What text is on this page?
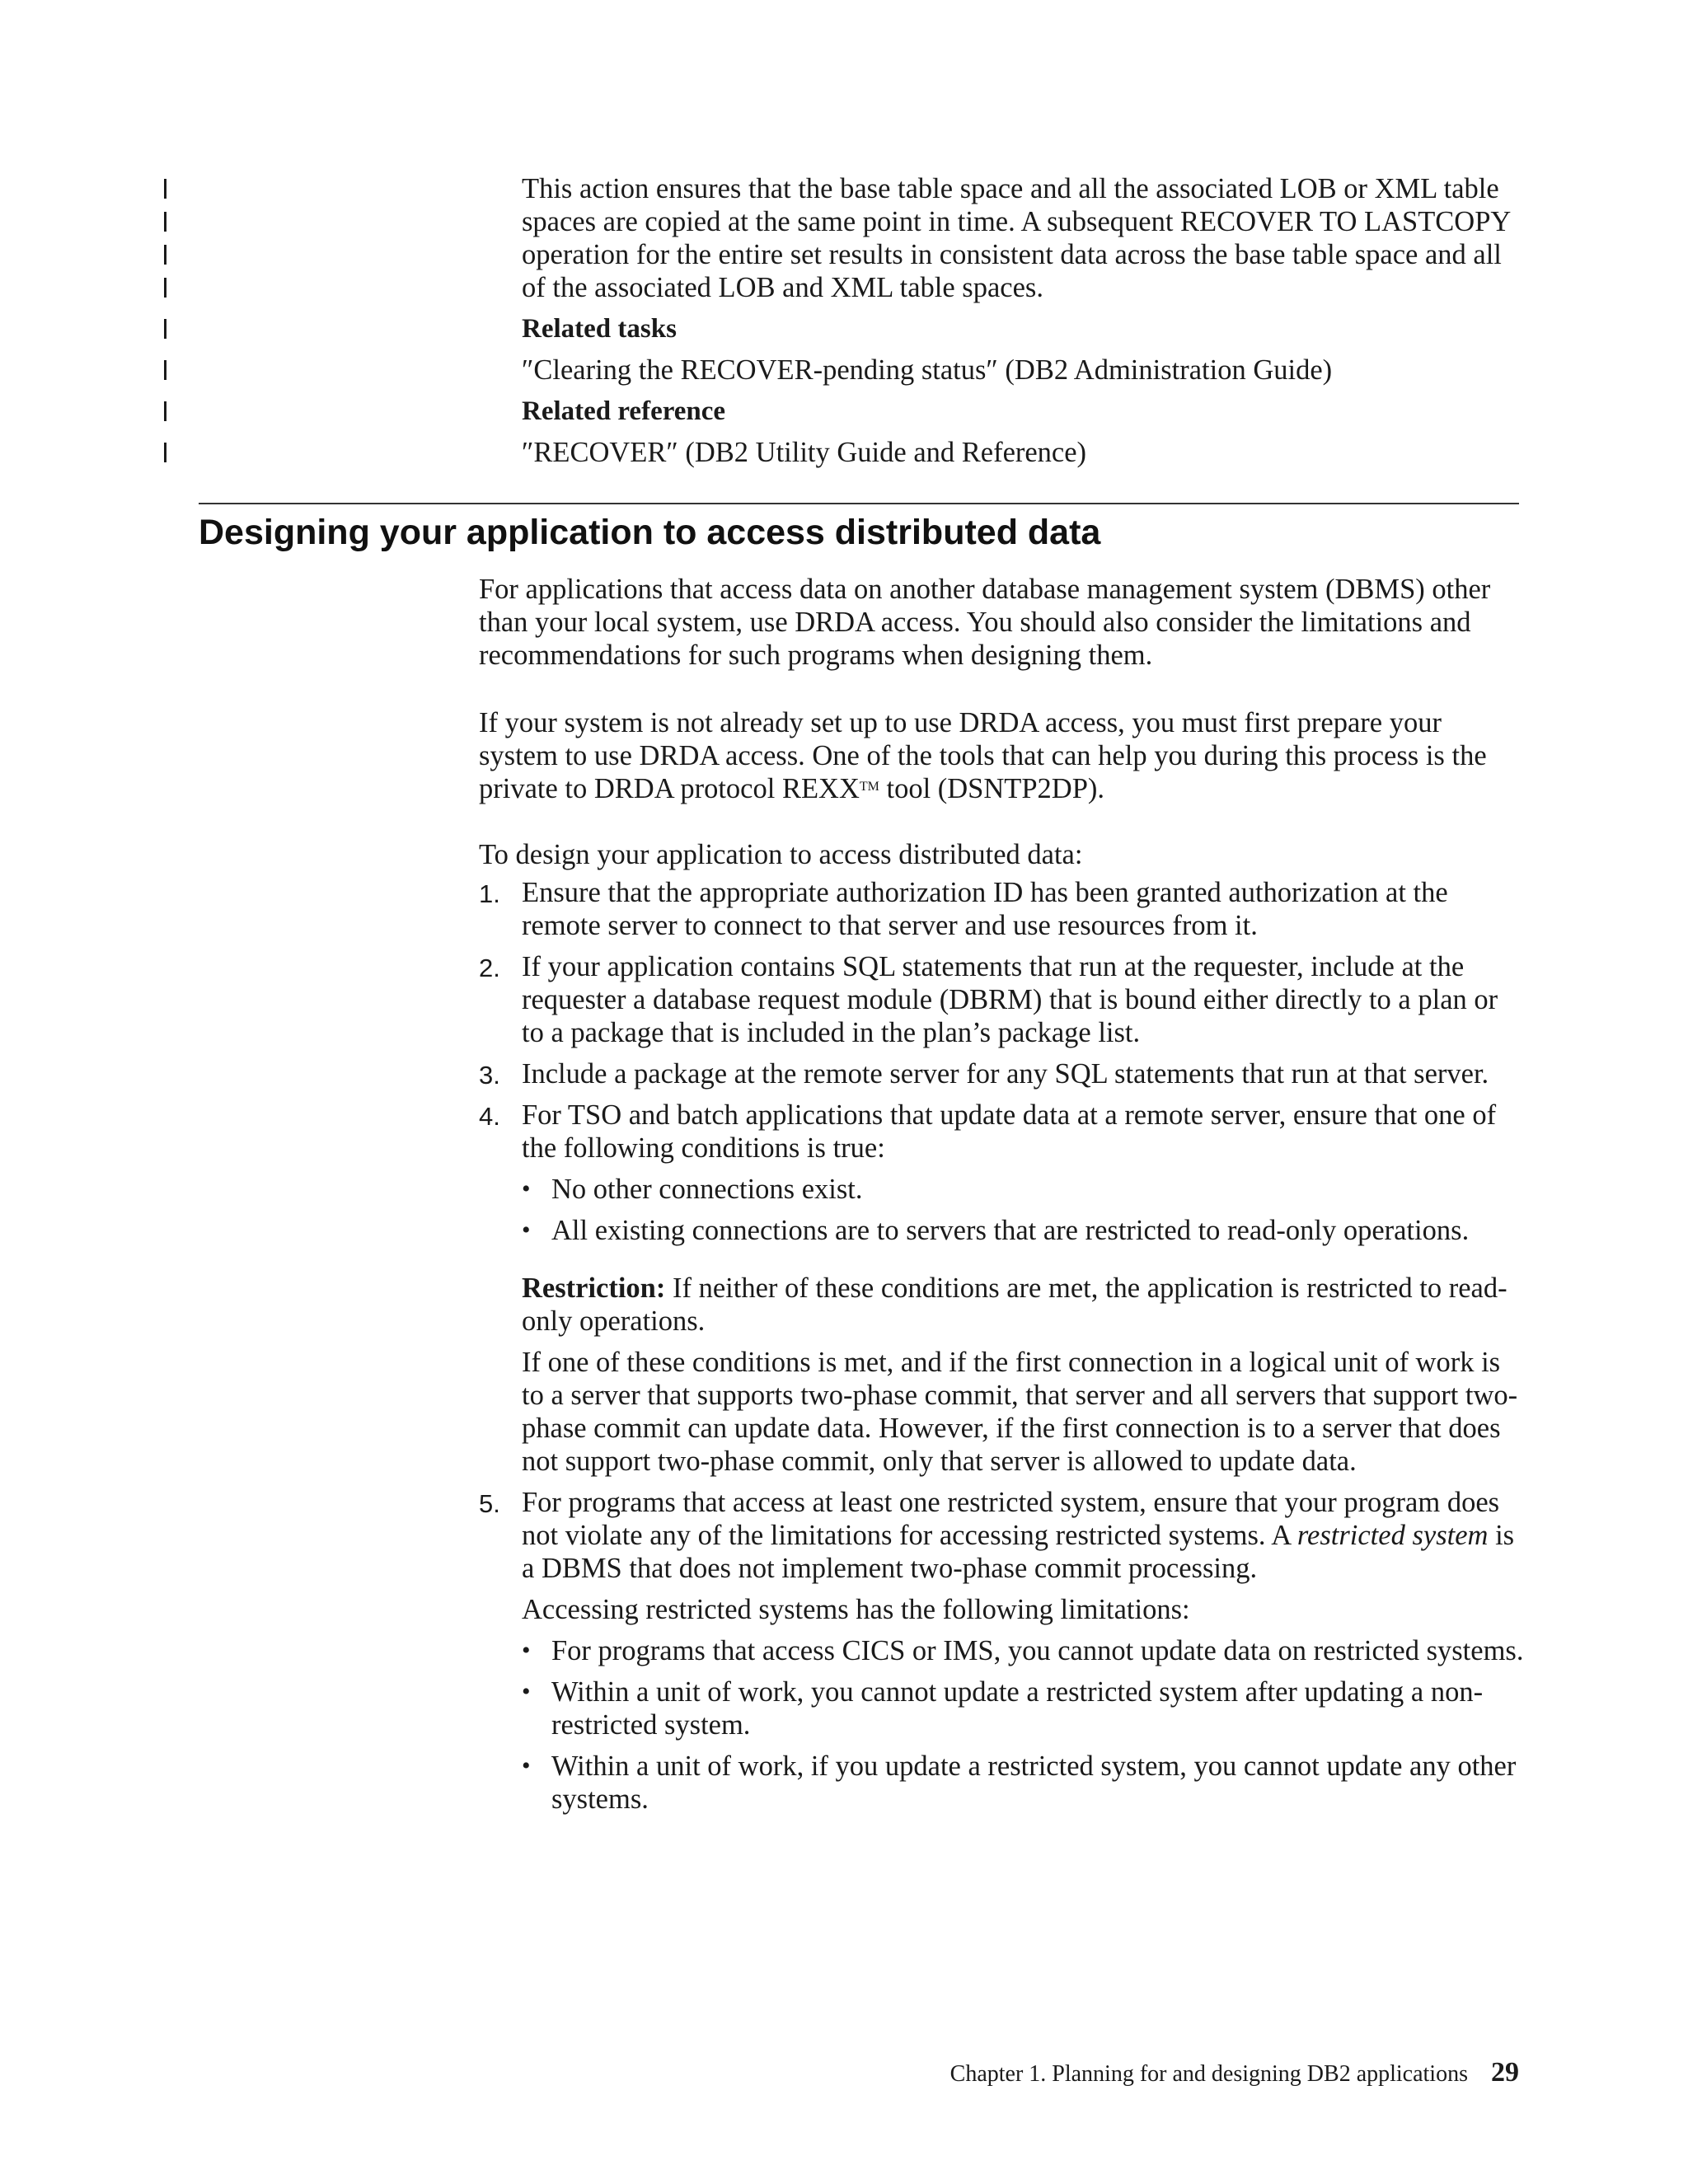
This action ensures that the base table space and all the associated LOB or XML table spaces are copied at the same point in time. A subsequent RECOVER TO LASTCOPY operation for the entire set results in consistent data across the base table space and all of the associated LOB and XML table spaces.

Related tasks
″Clearing the RECOVER-pending status″ (DB2 Administration Guide)
Related reference
″RECOVER″ (DB2 Utility Guide and Reference)
Designing your application to access distributed data

For applications that access data on another database management system (DBMS) other than your local system, use DRDA access. You should also consider the limitations and recommendations for such programs when designing them.

If your system is not already set up to use DRDA access, you must first prepare your system to use DRDA access. One of the tools that can help you during this process is the private to DRDA protocol REXX™ tool (DSNTP2DP).

To design your application to access distributed data:

1. Ensure that the appropriate authorization ID has been granted authorization at the remote server to connect to that server and use resources from it.

2. If your application contains SQL statements that run at the requester, include at the requester a database request module (DBRM) that is bound either directly to a plan or to a package that is included in the plan’s package list.

3. Include a package at the remote server for any SQL statements that run at that server.

4. For TSO and batch applications that update data at a remote server, ensure that one of the following conditions is true:

• No other connections exist.
• All existing connections are to servers that are restricted to read-only operations.

Restriction: If neither of these conditions are met, the application is restricted to read-only operations.

If one of these conditions is met, and if the first connection in a logical unit of work is to a server that supports two-phase commit, that server and all servers that support two-phase commit can update data. However, if the first connection is to a server that does not support two-phase commit, only that server is allowed to update data.

5. For programs that access at least one restricted system, ensure that your program does not violate any of the limitations for accessing restricted systems. A restricted system is a DBMS that does not implement two-phase commit processing.

Accessing restricted systems has the following limitations:

• For programs that access CICS or IMS, you cannot update data on restricted systems.
• Within a unit of work, you cannot update a restricted system after updating a non-restricted system.
• Within a unit of work, if you update a restricted system, you cannot update any other systems.

Chapter 1. Planning for and designing DB2 applications 29
